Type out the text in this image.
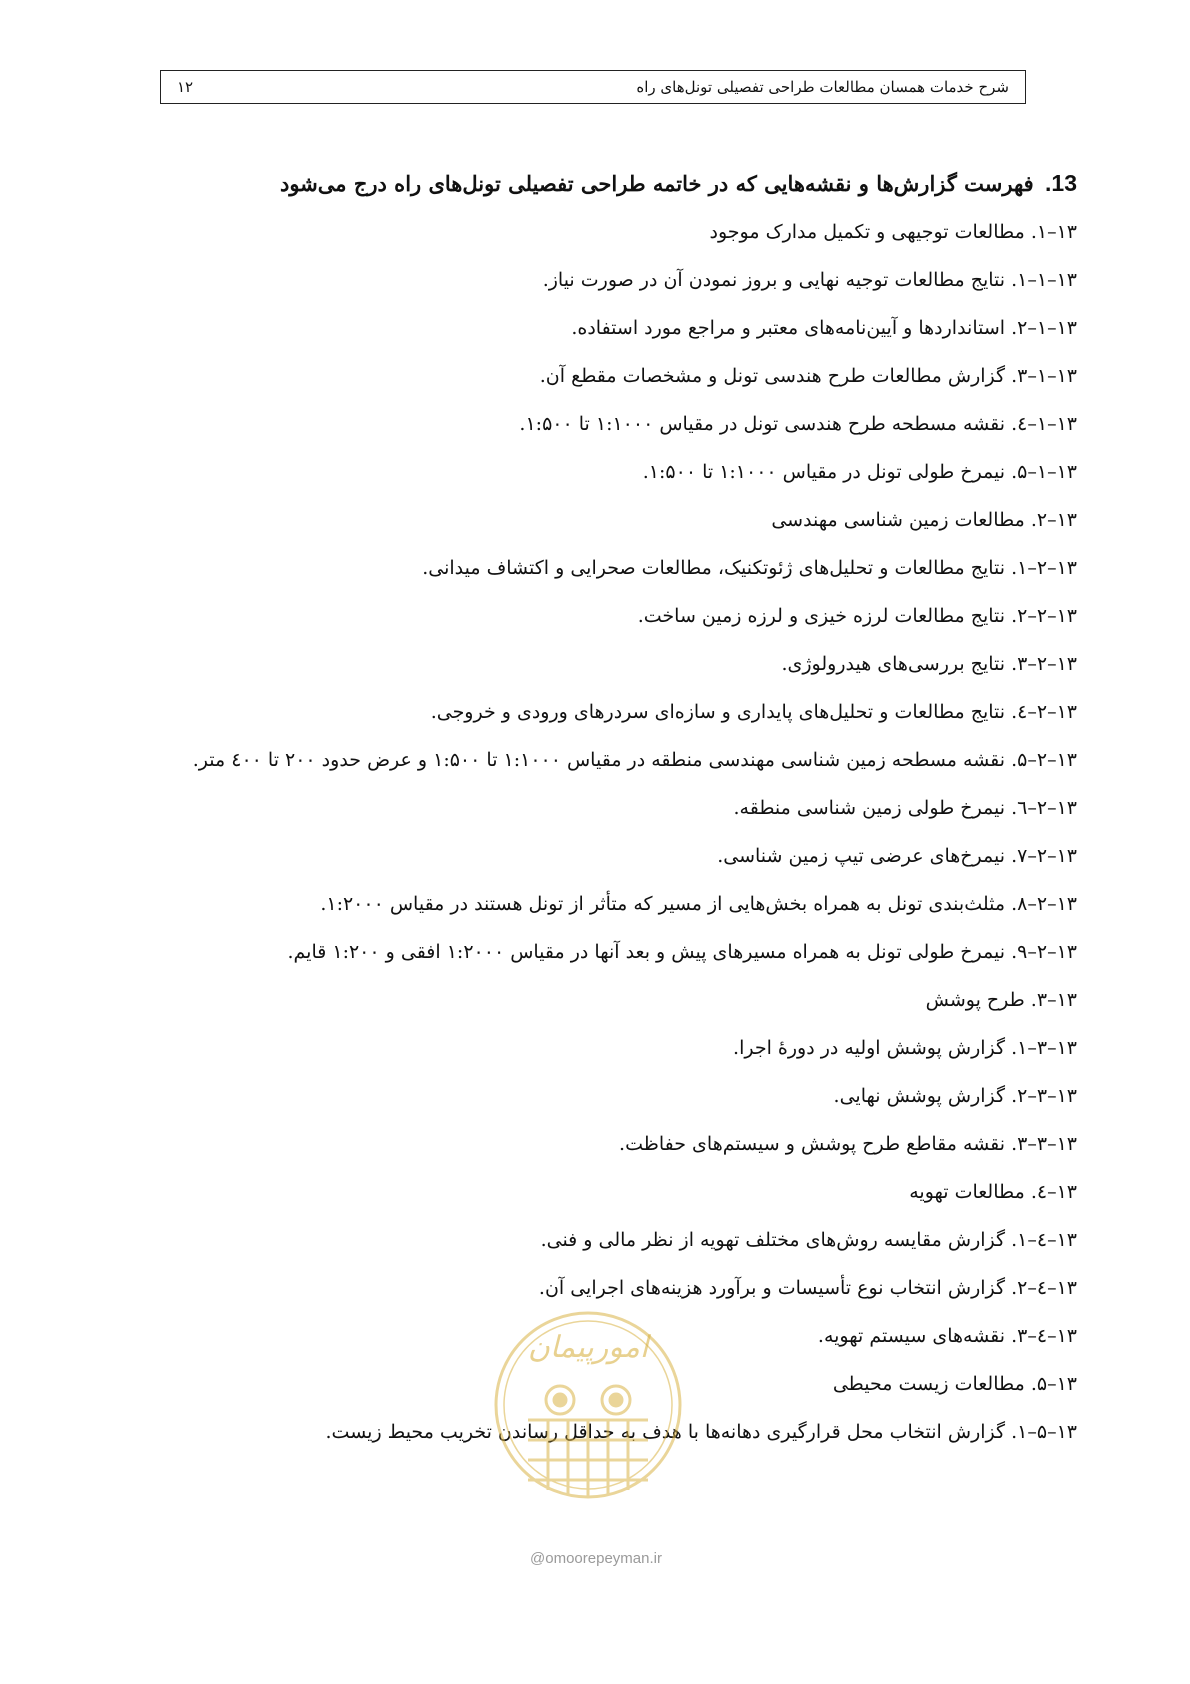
شرح خدمات همسان مطالعات طراحی تفصیلی تونل‌های راه
۱۲
13. فهرست گزارش‌ها و نقشه‌هایی که در خاتمه طراحی تفصیلی تونل‌های راه درج می‌شود
۱۳–۱. مطالعات توجیهی و تکمیل مدارک موجود
۱۳–۱–۱. نتایج مطالعات توجیه نهایی و بروز نمودن آن در صورت نیاز.
۱۳–۱–۲. استانداردها و آیین‌نامه‌های معتبر و مراجع مورد استفاده.
۱۳–۱–۳. گزارش مطالعات طرح هندسی تونل و مشخصات مقطع آن.
۱۳–۱–٤. نقشه مسطحه طرح هندسی تونل در مقیاس ۱:۱۰۰۰ تا ۱:۵۰۰.
۱۳–۱–۵. نیمرخ طولی تونل در مقیاس ۱:۱۰۰۰ تا ۱:۵۰۰.
۱۳–۲. مطالعات زمین شناسی مهندسی
۱۳–۲–۱. نتایج مطالعات و تحلیل‌های ژئوتکنیک، مطالعات صحرایی و اکتشاف میدانی.
۱۳–۲–۲. نتایج مطالعات لرزه خیزی و لرزه زمین ساخت.
۱۳–۲–۳. نتایج بررسی‌های هیدرولوژی.
۱۳–۲–٤. نتایج مطالعات و تحلیل‌های پایداری و سازه‌ای سردرهای ورودی و خروجی.
۱۳–۲–۵. نقشه مسطحه زمین شناسی مهندسی منطقه در مقیاس ۱:۱۰۰۰ تا ۱:۵۰۰ و عرض حدود ۲۰۰ تا ٤۰۰ متر.
۱۳–۲–٦. نیمرخ طولی زمین شناسی منطقه.
۱۳–۲–۷. نیمرخ‌های عرضی تیپ زمین شناسی.
۱۳–۲–۸. مثلث‌بندی تونل به همراه بخش‌هایی از مسیر که متأثر از تونل هستند در مقیاس ۱:۲۰۰۰.
۱۳–۲–۹. نیمرخ طولی تونل به همراه مسیرهای پیش و بعد آنها در مقیاس ۱:۲۰۰۰ افقی و ۱:۲۰۰ قایم.
۱۳–۳. طرح پوشش
۱۳–۳–۱. گزارش پوشش اولیه در دورهٔ اجرا.
۱۳–۳–۲. گزارش پوشش نهایی.
۱۳–۳–۳. نقشه مقاطع طرح پوشش و سیستم‌های حفاظت.
۱۳–٤. مطالعات تهویه
۱۳–٤–۱. گزارش مقایسه روش‌های مختلف تهویه از نظر مالی و فنی.
۱۳–٤–۲. گزارش انتخاب نوع تأسیسات و برآورد هزینه‌های اجرایی آن.
۱۳–٤–۳. نقشه‌های سیستم تهویه.
۱۳–۵. مطالعات زیست محیطی
۱۳–۵–۱. گزارش انتخاب محل قرارگیری دهانه‌ها با هدف به حداقل رساندن تخریب محیط زیست.
امورپیمان
@omoorepeyman.ir
